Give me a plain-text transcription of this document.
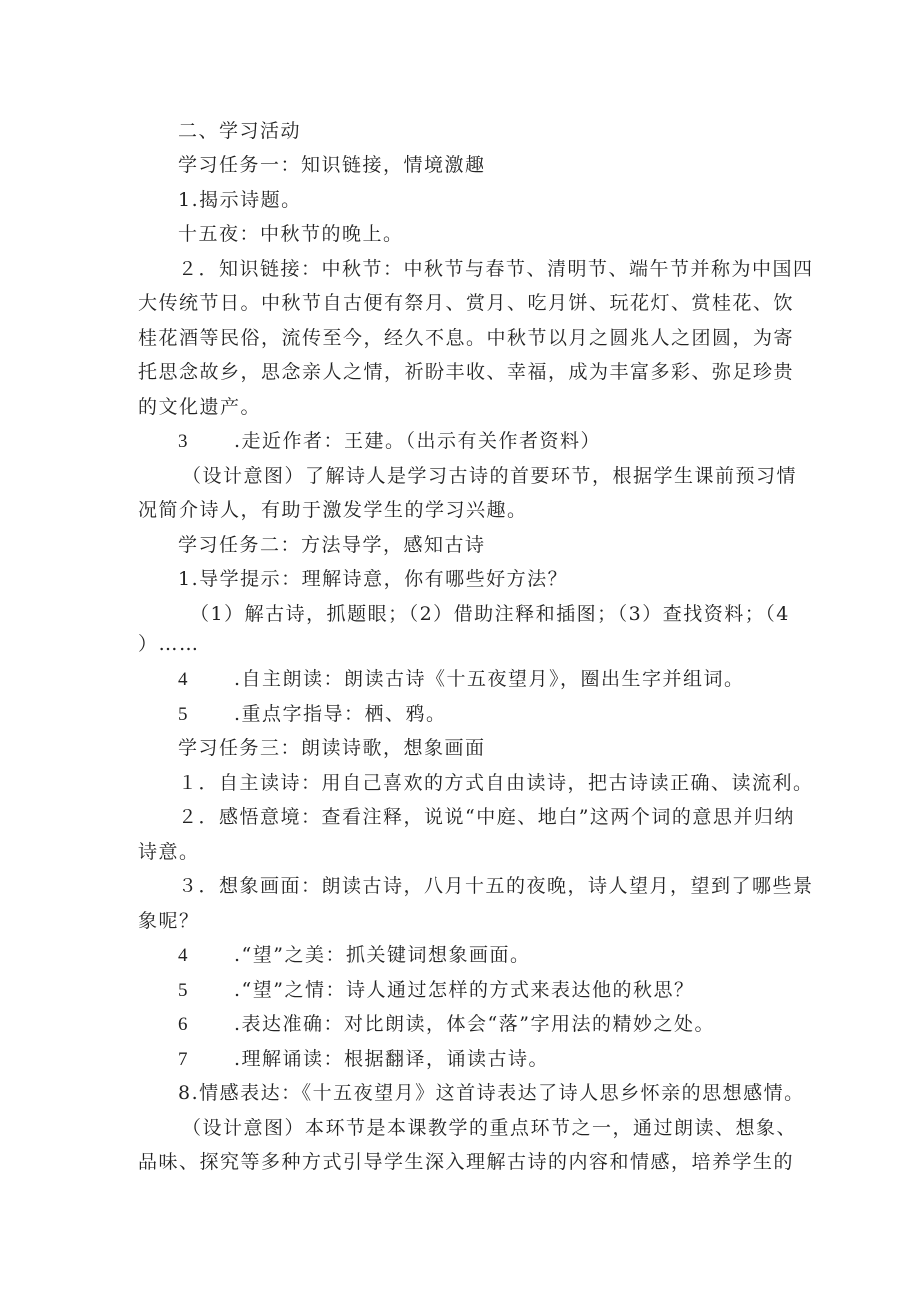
二、学习活动

学习任务一：知识链接，情境激趣

1.揭示诗题。

十五夜：中秋节的晚上。

２．知识链接：中秋节：中秋节与春节、清明节、端午节并称为中国四

大传统节日。中秋节自古便有祭月、赏月、吃月饼、玩花灯、赏桂花、饮

桂花酒等民俗，流传至今，经久不息。中秋节以月之圆兆人之团圆，为寄

托思念故乡，思念亲人之情，祈盼丰收、幸福，成为丰富多彩、弥足珍贵

的文化遗产。

3 .走近作者：王建。（出示有关作者资料）

（设计意图）了解诗人是学习古诗的首要环节，根据学生课前预习情

况简介诗人，有助于激发学生的学习兴趣。

学习任务二：方法导学，感知古诗

1.导学提示：理解诗意，你有哪些好方法？

（1）解古诗，抓题眼；（2）借助注释和插图；（3）查找资料；（4

）……

4 .自主朗读：朗读古诗《十五夜望月》，圈出生字并组词。

5 .重点字指导：栖、鸦。

学习任务三：朗读诗歌，想象画面

１．自主读诗：用自己喜欢的方式自由读诗，把古诗读正确、读流利。

２．感悟意境：查看注释，说说“中庭、地白”这两个词的意思并归纳

诗意。

３．想象画面：朗读古诗，八月十五的夜晚，诗人望月，望到了哪些景

象呢？

4 .“望”之美：抓关键词想象画面。

5 .“望”之情：诗人通过怎样的方式来表达他的秋思？

6 .表达准确：对比朗读，体会“落”字用法的精妙之处。

7 .理解诵读：根据翻译，诵读古诗。

8.情感表达：《十五夜望月》这首诗表达了诗人思乡怀亲的思想感情。

（设计意图）本环节是本课教学的重点环节之一，通过朗读、想象、

品味、探究等多种方式引导学生深入理解古诗的内容和情感，培养学生的
